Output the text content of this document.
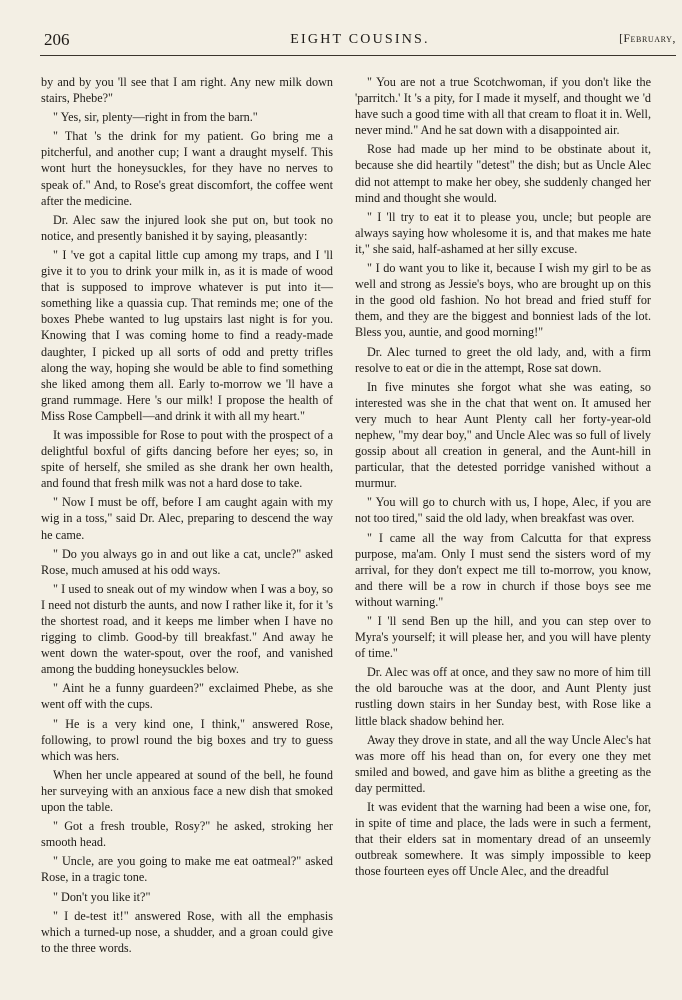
206	EIGHT COUSINS.	[February,

by and by you 'll see that I am right. Any new milk down stairs, Phebe?"

" Yes, sir, plenty—right in from the barn."

" That 's the drink for my patient. Go bring me a pitcherful, and another cup; I want a draught myself. This wont hurt the honeysuckles, for they have no nerves to speak of." And, to Rose's great discomfort, the coffee went after the medicine.

Dr. Alec saw the injured look she put on, but took no notice, and presently banished it by saying, pleasantly:

" I 've got a capital little cup among my traps, and I 'll give it to you to drink your milk in, as it is made of wood that is supposed to improve whatever is put into it—something like a quassia cup. That reminds me; one of the boxes Phebe wanted to lug upstairs last night is for you. Knowing that I was coming home to find a ready-made daughter, I picked up all sorts of odd and pretty trifles along the way, hoping she would be able to find something she liked among them all. Early to-morrow we 'll have a grand rummage. Here 's our milk! I propose the health of Miss Rose Campbell—and drink it with all my heart."

It was impossible for Rose to pout with the prospect of a delightful boxful of gifts dancing before her eyes; so, in spite of herself, she smiled as she drank her own health, and found that fresh milk was not a hard dose to take.

" Now I must be off, before I am caught again with my wig in a toss," said Dr. Alec, preparing to descend the way he came.

" Do you always go in and out like a cat, uncle?" asked Rose, much amused at his odd ways.

" I used to sneak out of my window when I was a boy, so I need not disturb the aunts, and now I rather like it, for it 's the shortest road, and it keeps me limber when I have no rigging to climb. Good-by till breakfast." And away he went down the water-spout, over the roof, and vanished among the budding honeysuckles below.

" Aint he a funny guardeen?" exclaimed Phebe, as she went off with the cups.

" He is a very kind one, I think," answered Rose, following, to prowl round the big boxes and try to guess which was hers.

When her uncle appeared at sound of the bell, he found her surveying with an anxious face a new dish that smoked upon the table.

" Got a fresh trouble, Rosy?" he asked, stroking her smooth head.

" Uncle, are you going to make me eat oatmeal?" asked Rose, in a tragic tone.

" Don't you like it?"

" I de-test it!" answered Rose, with all the emphasis which a turned-up nose, a shudder, and a groan could give to the three words.

" You are not a true Scotchwoman, if you don't like the 'parritch.' It 's a pity, for I made it myself, and thought we 'd have such a good time with all that cream to float it in. Well, never mind." And he sat down with a disappointed air.

Rose had made up her mind to be obstinate about it, because she did heartily "detest" the dish; but as Uncle Alec did not attempt to make her obey, she suddenly changed her mind and thought she would.

" I 'll try to eat it to please you, uncle; but people are always saying how wholesome it is, and that makes me hate it," she said, half-ashamed at her silly excuse.

" I do want you to like it, because I wish my girl to be as well and strong as Jessie's boys, who are brought up on this in the good old fashion. No hot bread and fried stuff for them, and they are the biggest and bonniest lads of the lot. Bless you, auntie, and good morning!"

Dr. Alec turned to greet the old lady, and, with a firm resolve to eat or die in the attempt, Rose sat down.

In five minutes she forgot what she was eating, so interested was she in the chat that went on. It amused her very much to hear Aunt Plenty call her forty-year-old nephew, "my dear boy," and Uncle Alec was so full of lively gossip about all creation in general, and the Aunt-hill in particular, that the detested porridge vanished without a murmur.

" You will go to church with us, I hope, Alec, if you are not too tired," said the old lady, when breakfast was over.

" I came all the way from Calcutta for that express purpose, ma'am. Only I must send the sisters word of my arrival, for they don't expect me till to-morrow, you know, and there will be a row in church if those boys see me without warning."

" I 'll send Ben up the hill, and you can step over to Myra's yourself; it will please her, and you will have plenty of time."

Dr. Alec was off at once, and they saw no more of him till the old barouche was at the door, and Aunt Plenty just rustling down stairs in her Sunday best, with Rose like a little black shadow behind her.

Away they drove in state, and all the way Uncle Alec's hat was more off his head than on, for every one they met smiled and bowed, and gave him as blithe a greeting as the day permitted.

It was evident that the warning had been a wise one, for, in spite of time and place, the lads were in such a ferment, that their elders sat in momentary dread of an unseemly outbreak somewhere. It was simply impossible to keep those fourteen eyes off Uncle Alec, and the dreadful
